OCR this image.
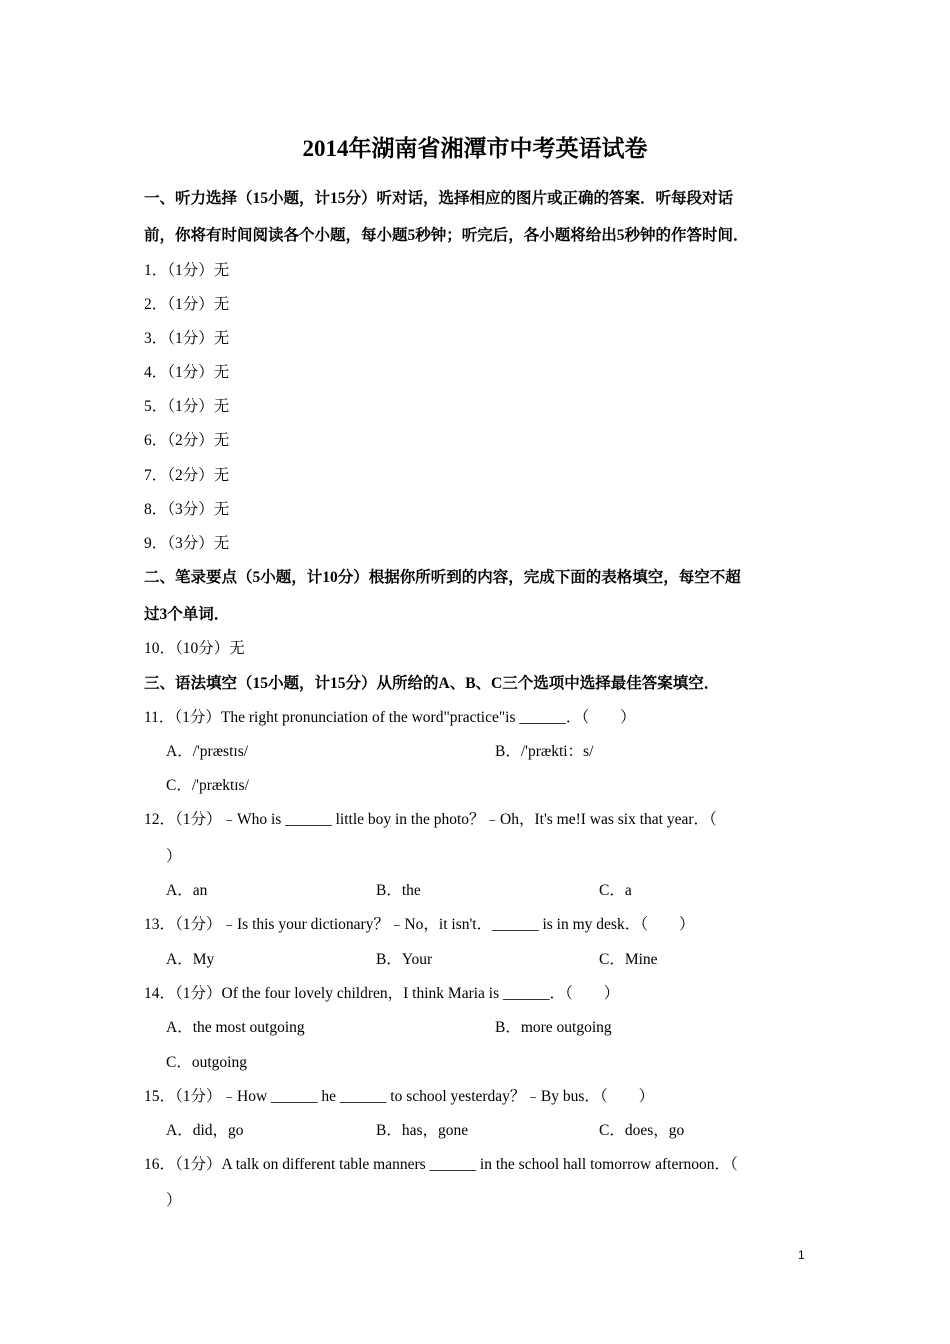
2014年湖南省湘潭市中考英语试卷
一、听力选择（15小题，计15分）听对话，选择相应的图片或正确的答案．听每段对话
前，你将有时间阅读各个小题，每小题5秒钟；听完后，各小题将给出5秒钟的作答时间．
1．（1分）无
2．（1分）无
3．（1分）无
4．（1分）无
5．（1分）无
6．（2分）无
7．（2分）无
8．（3分）无
9．（3分）无
二、笔录要点（5小题，计10分）根据你所听到的内容，完成下面的表格填空，每空不超
过3个单词．
10．（10分）无
三、语法填空（15小题，计15分）从所给的A、B、C三个选项中选择最佳答案填空．
11．（1分）The right pronunciation of the word"practice"is ______．（　　）
A．/'præstɪs/	B．/'prækti：s/
C．/'præktɪs/
12．（1分）﹣Who is ______ little boy in the photo？﹣Oh，It's me!I was six that year．（
）
A．an	B．the	C．a
13．（1分）﹣Is this your dictionary？﹣No，it isn't．______ is in my desk．（　　）
A．My	B．Your	C．Mine
14．（1分）Of the four lovely children，I think Maria is ______．（　　）
A．the most outgoing	B．more outgoing
C．outgoing
15．（1分）﹣How ______ he ______ to school yesterday？﹣By bus．（　　）
A．did，go	B．has，gone	C．does，go
16．（1分）A talk on different table manners ______ in the school hall tomorrow afternoon．（
）
1
